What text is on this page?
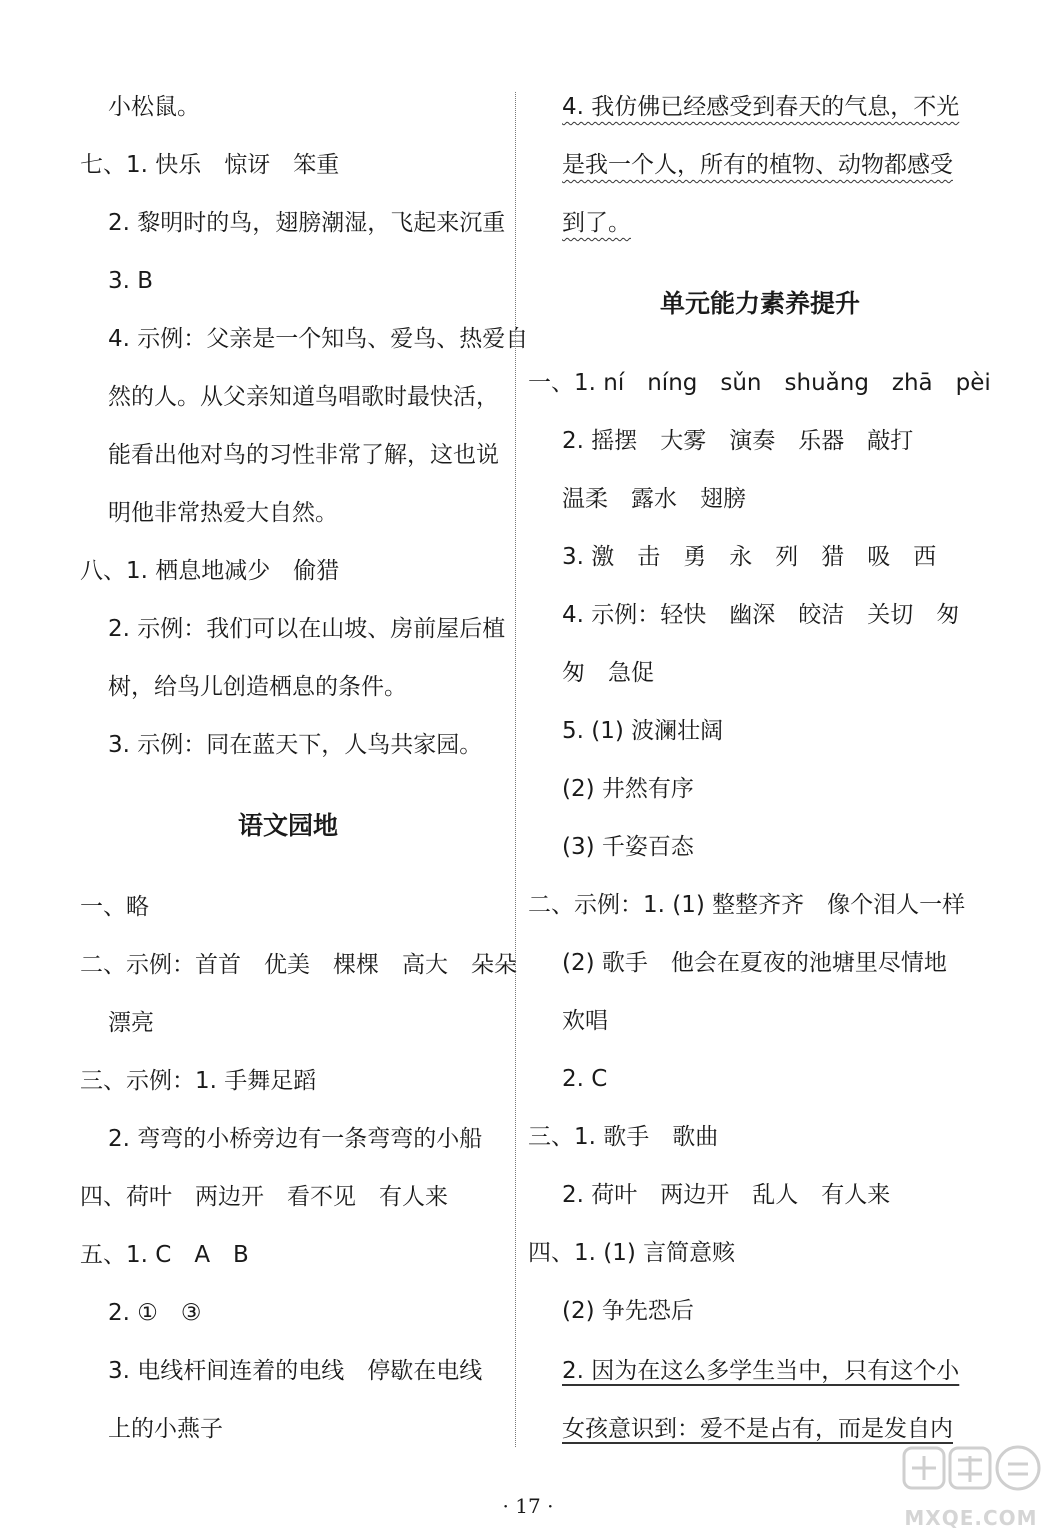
小松鼠。
七、1. 快乐　惊讶　笨重
2. 黎明时的鸟，翅膀潮湿，飞起来沉重
3. B
4. 示例：父亲是一个知鸟、爱鸟、热爱自
然的人。从父亲知道鸟唱歌时最快活，
能看出他对鸟的习性非常了解，这也说
明他非常热爱大自然。
八、1. 栖息地减少　偷猎
2. 示例：我们可以在山坡、房前屋后植
树，给鸟儿创造栖息的条件。
3. 示例：同在蓝天下，人鸟共家园。
语文园地
一、略
二、示例：首首　优美　棵棵　高大　朵朵
漂亮
三、示例：1. 手舞足蹈
2. 弯弯的小桥旁边有一条弯弯的小船
四、荷叶　两边开　看不见　有人来
五、1. C　A　B
2. ①　③
3. 电线杆间连着的电线　停歇在电线
上的小燕子
4. 我仿佛已经感受到春天的气息，不光
是我一个人，所有的植物、动物都感受
到了。
单元能力素养提升
一、1. ní　níng　sǔn　shuǎng　zhā　pèi
2. 摇摆　大雾　演奏　乐器　敲打
温柔　露水　翅膀
3. 激　击　勇　永　列　猎　吸　西
4. 示例：轻快　幽深　皎洁　关切　匆
匆　急促
5. (1) 波澜壮阔
(2) 井然有序
(3) 千姿百态
二、示例：1. (1) 整整齐齐　像个泪人一样
(2) 歌手　他会在夏夜的池塘里尽情地
欢唱
2. C
三、1. 歌手　歌曲
2. 荷叶　两边开　乱人　有人来
四、1. (1) 言简意赅
(2) 争先恐后
2. 因为在这么多学生当中，只有这个小
女孩意识到：爱不是占有，而是发自内
· 17 ·	MXQE.COM
